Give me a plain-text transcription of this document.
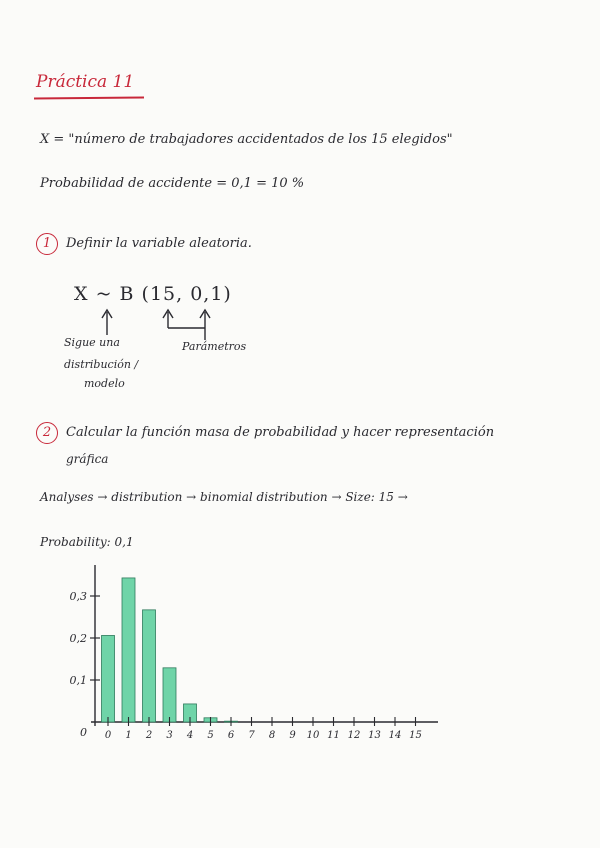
Práctica 11
X = "número de trabajadores accidentados de los 15 elegidos"
Probabilidad de accidente = 0,1 = 10 %
1	Definir la variable aleatoria.
X ~ B (15, 0,1)
Sigue una
distribución /
modelo
Parámetros
2	Calcular la función masa de probabilidad y hacer representación
gráfica
Analyses → distribution → binomial distribution → Size: 15 →
Probability: 0,1
0
0,1
0,2
0,3
0 1 2 3 4 5 6 7 8 9 10 11 12 13 14 15
